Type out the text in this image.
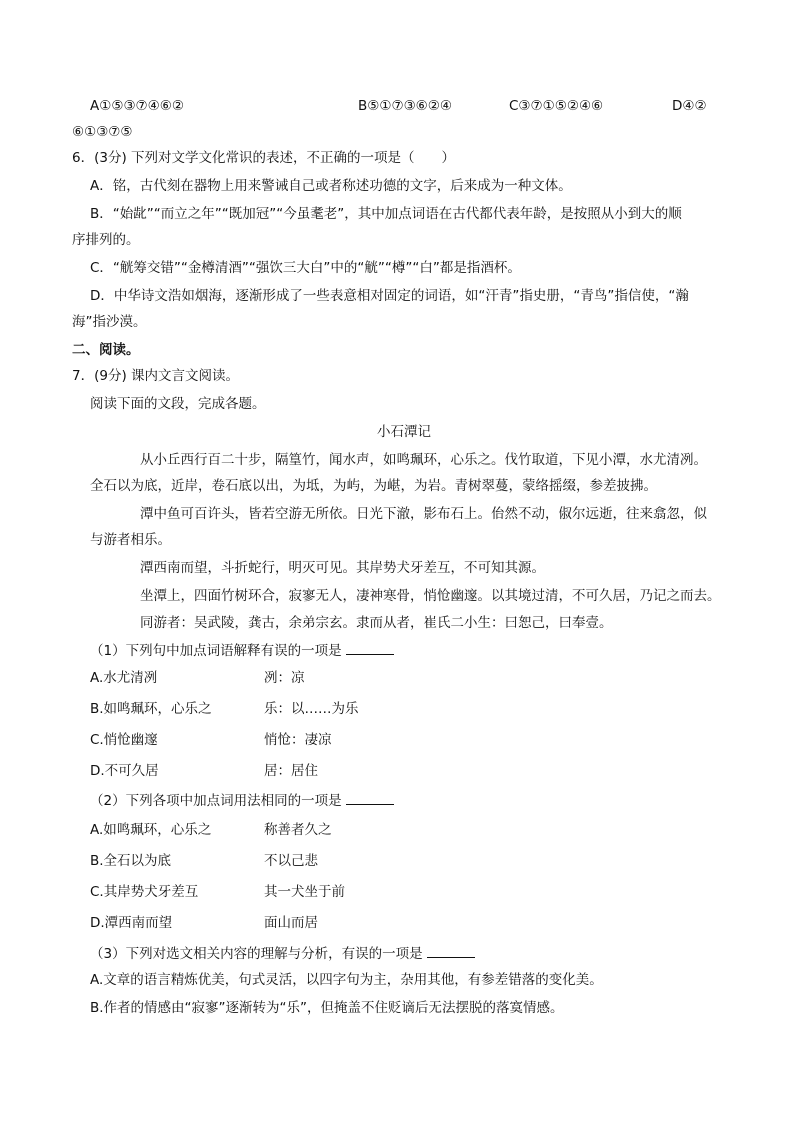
A①⑤③⑦④⑥②	B⑤①⑦③⑥②④	C③⑦①⑤②④⑥	D④②
⑥①③⑦⑤
6．(3分) 下列对文学文化常识的表述，不正确的一项是（　　）
A．铭，古代刻在器物上用来警诫自己或者称述功德的文字，后来成为一种文体。
B．“始龀”“而立之年”“既加冠”“今虽耄老”，其中加点词语在古代都代表年龄，是按照从小到大的顺
序排列的。
C．“觥筹交错”“金樽清酒”“强饮三大白”中的“觥”“樽”“白”都是指酒杯。
D．中华诗文浩如烟海，逐渐形成了一些表意相对固定的词语，如“汗青”指史册，“青鸟”指信使，“瀚
海”指沙漠。
二、阅读。
7．(9分) 课内文言文阅读。
阅读下面的文段，完成各题。
小石潭记
从小丘西行百二十步，隔篁竹，闻水声，如鸣珮环，心乐之。伐竹取道，下见小潭，水尤清冽。
全石以为底，近岸，卷石底以出，为坻，为屿，为嵁，为岩。青树翠蔓，蒙络摇缀，参差披拂。
潭中鱼可百许头，皆若空游无所依。日光下澈，影布石上。佁然不动，俶尔远逝，往来翕忽，似
与游者相乐。
潭西南而望，斗折蛇行，明灭可见。其岸势犬牙差互，不可知其源。
坐潭上，四面竹树环合，寂寥无人，凄神寒骨，悄怆幽邃。以其境过清，不可久居，乃记之而去。
同游者：吴武陵，龚古，余弟宗玄。隶而从者，崔氏二小生：曰恕己，曰奉壹。
（1）下列句中加点词语解释有误的一项是
A.水尤清冽	冽：凉
B.如鸣珮环，心乐之	乐：以……为乐
C.悄怆幽邃	悄怆：凄凉
D.不可久居	居：居住
（2）下列各项中加点词用法相同的一项是
A.如鸣珮环，心乐之	称善者久之
B.全石以为底	不以己悲
C.其岸势犬牙差互	其一犬坐于前
D.潭西南而望	面山而居
（3）下列对选文相关内容的理解与分析，有误的一项是
A.文章的语言精炼优美，句式灵活，以四字句为主，杂用其他，有参差错落的变化美。
B.作者的情感由“寂寥”逐渐转为“乐”，但掩盖不住贬谪后无法摆脱的落寞情感。
